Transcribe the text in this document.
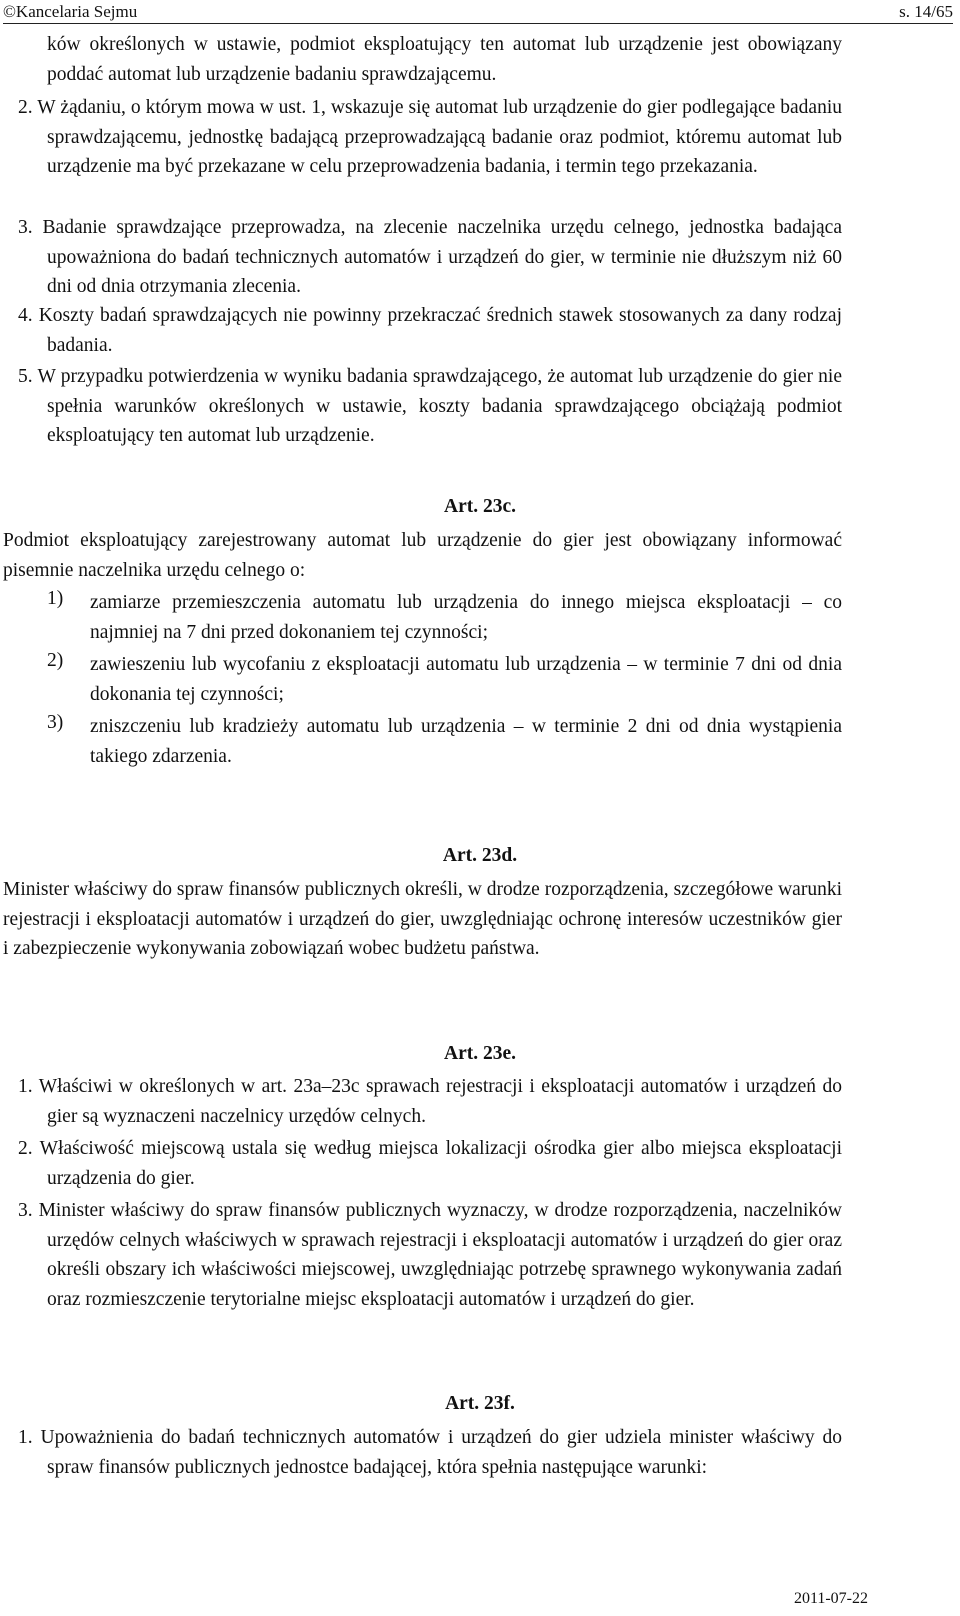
©Kancelaria Sejmu	s. 14/65
ków określonych w ustawie, podmiot eksploatujący ten automat lub urządzenie jest obowiązany poddać automat lub urządzenie badaniu sprawdzającemu.
2. W żądaniu, o którym mowa w ust. 1, wskazuje się automat lub urządzenie do gier podlegające badaniu sprawdzającemu, jednostkę badającą przeprowadzającą badanie oraz podmiot, któremu automat lub urządzenie ma być przekazane w celu przeprowadzenia badania, i termin tego przekazania.
3. Badanie sprawdzające przeprowadza, na zlecenie naczelnika urzędu celnego, jednostka badająca upoważniona do badań technicznych automatów i urządzeń do gier, w terminie nie dłuższym niż 60 dni od dnia otrzymania zlecenia.
4. Koszty badań sprawdzających nie powinny przekraczać średnich stawek stosowanych za dany rodzaj badania.
5. W przypadku potwierdzenia w wyniku badania sprawdzającego, że automat lub urządzenie do gier nie spełnia warunków określonych w ustawie, koszty badania sprawdzającego obciążają podmiot eksploatujący ten automat lub urządzenie.
Art. 23c.
Podmiot eksploatujący zarejestrowany automat lub urządzenie do gier jest obowiązany informować pisemnie naczelnika urzędu celnego o:
1) zamiarze przemieszczenia automatu lub urządzenia do innego miejsca eksploatacji – co najmniej na 7 dni przed dokonaniem tej czynności;
2) zawieszeniu lub wycofaniu z eksploatacji automatu lub urządzenia – w terminie 7 dni od dnia dokonania tej czynności;
3) zniszczeniu lub kradzieży automatu lub urządzenia – w terminie 2 dni od dnia wystąpienia takiego zdarzenia.
Art. 23d.
Minister właściwy do spraw finansów publicznych określi, w drodze rozporządzenia, szczegółowe warunki rejestracji i eksploatacji automatów i urządzeń do gier, uwzględniając ochronę interesów uczestników gier i zabezpieczenie wykonywania zobowiązań wobec budżetu państwa.
Art. 23e.
1. Właściwi w określonych w art. 23a–23c sprawach rejestracji i eksploatacji automatów i urządzeń do gier są wyznaczeni naczelnicy urzędów celnych.
2. Właściwość miejscową ustala się według miejsca lokalizacji ośrodka gier albo miejsca eksploatacji urządzenia do gier.
3. Minister właściwy do spraw finansów publicznych wyznaczy, w drodze rozporządzenia, naczelników urzędów celnych właściwych w sprawach rejestracji i eksploatacji automatów i urządzeń do gier oraz określi obszary ich właściwości miejscowej, uwzględniając potrzebę sprawnego wykonywania zadań oraz rozmieszczenie terytorialne miejsc eksploatacji automatów i urządzeń do gier.
Art. 23f.
1. Upoważnienia do badań technicznych automatów i urządzeń do gier udziela minister właściwy do spraw finansów publicznych jednostce badającej, która spełnia następujące warunki:
2011-07-22
